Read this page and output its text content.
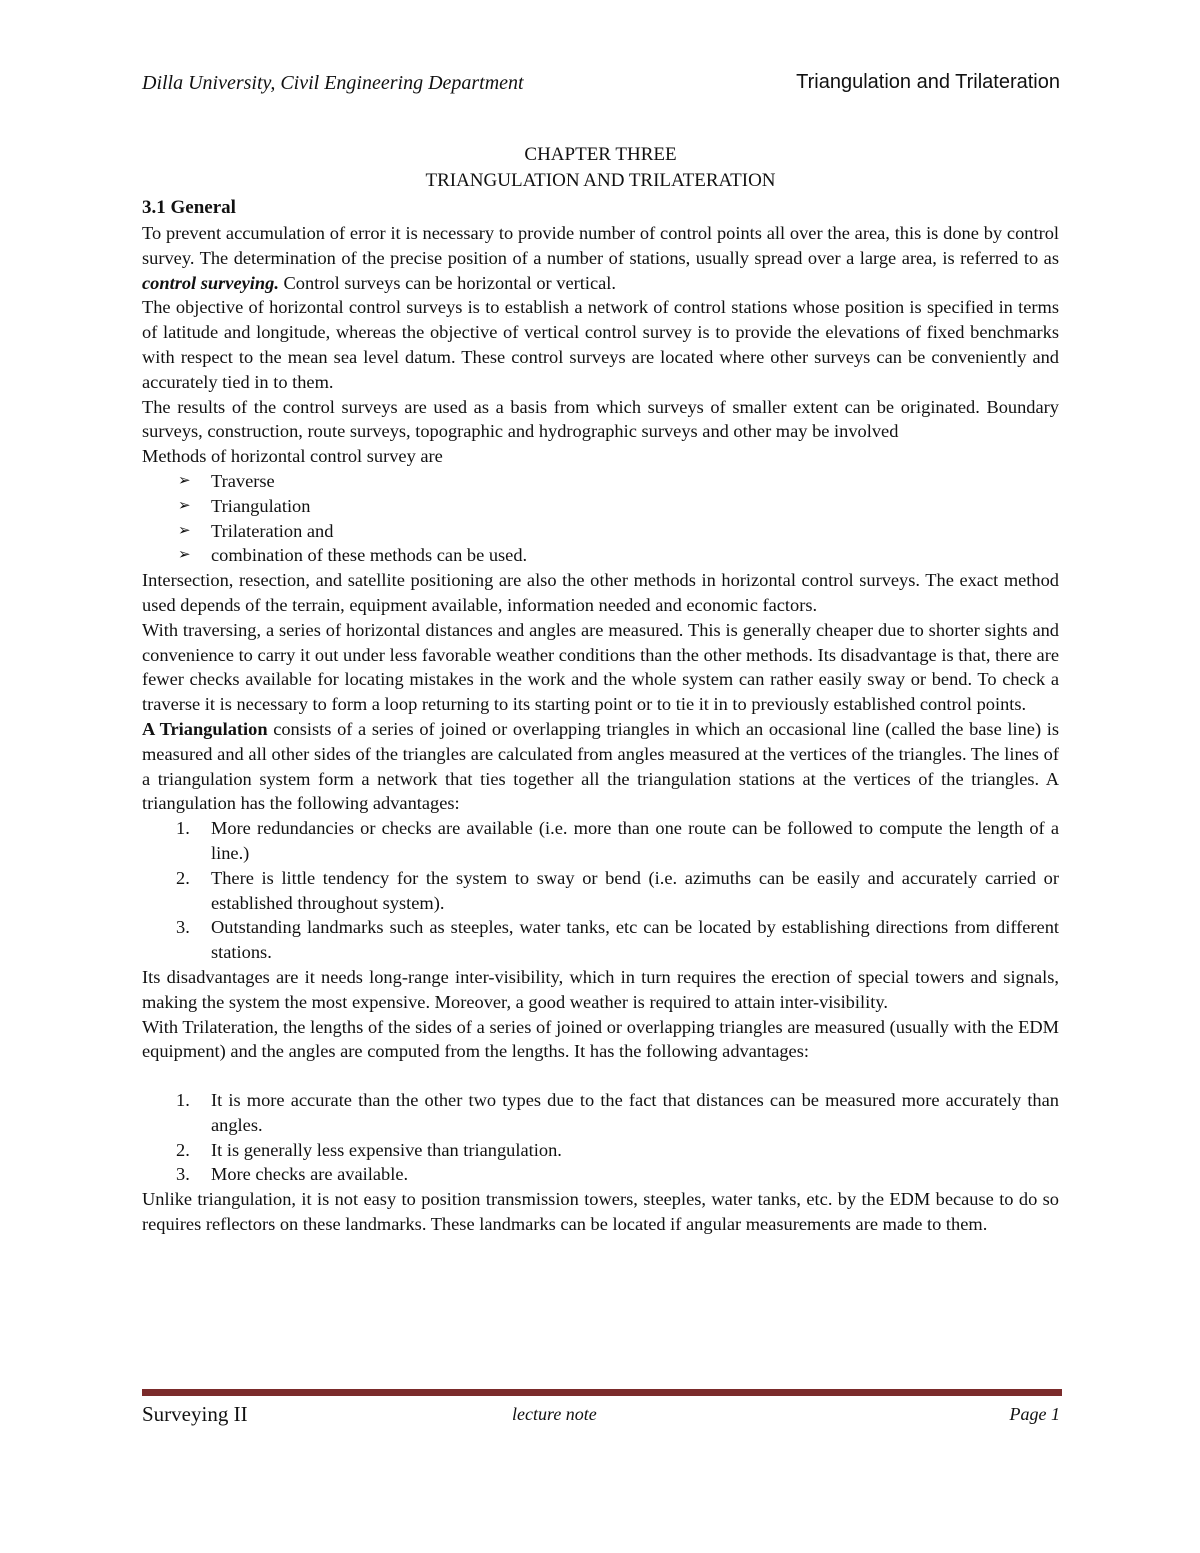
Dilla University, Civil Engineering Department	Triangulation and Trilateration
CHAPTER THREE
TRIANGULATION AND TRILATERATION
3.1 General

To prevent accumulation of error it is necessary to provide number of control points all over the area, this is done by control survey. The determination of the precise position of a number of stations, usually spread over a large area, is referred to as control surveying. Control surveys can be horizontal or vertical.

The objective of horizontal control surveys is to establish a network of control stations whose position is specified in terms of latitude and longitude, whereas the objective of vertical control survey is to provide the elevations of fixed benchmarks with respect to the mean sea level datum. These control surveys are located where other surveys can be conveniently and accurately tied in to them.

The results of the control surveys are used as a basis from which surveys of smaller extent can be originated. Boundary surveys, construction, route surveys, topographic and hydrographic surveys and other may be involved

Methods of horizontal control survey are

➢ Traverse
➢ Triangulation
➢ Trilateration and
➢ combination of these methods can be used.

Intersection, resection, and satellite positioning are also the other methods in horizontal control surveys. The exact method used depends of the terrain, equipment available, information needed and economic factors.

With traversing, a series of horizontal distances and angles are measured. This is generally cheaper due to shorter sights and convenience to carry it out under less favorable weather conditions than the other methods. Its disadvantage is that, there are fewer checks available for locating mistakes in the work and the whole system can rather easily sway or bend. To check a traverse it is necessary to form a loop returning to its starting point or to tie it in to previously established control points.

A Triangulation consists of a series of joined or overlapping triangles in which an occasional line (called the base line) is measured and all other sides of the triangles are calculated from angles measured at the vertices of the triangles. The lines of a triangulation system form a network that ties together all the triangulation stations at the vertices of the triangles. A triangulation has the following advantages:

1. More redundancies or checks are available (i.e. more than one route can be followed to compute the length of a line.)
2. There is little tendency for the system to sway or bend (i.e. azimuths can be easily and accurately carried or established throughout system).
3. Outstanding landmarks such as steeples, water tanks, etc can be located by establishing directions from different stations.

Its disadvantages are it needs long-range inter-visibility, which in turn requires the erection of special towers and signals, making the system the most expensive. Moreover, a good weather is required to attain inter-visibility.

With Trilateration, the lengths of the sides of a series of joined or overlapping triangles are measured (usually with the EDM equipment) and the angles are computed from the lengths. It has the following advantages:

1. It is more accurate than the other two types due to the fact that distances can be measured more accurately than angles.
2. It is generally less expensive than triangulation.
3. More checks are available.

Unlike triangulation, it is not easy to position transmission towers, steeples, water tanks, etc. by the EDM because to do so requires reflectors on these landmarks. These landmarks can be located if angular measurements are made to them.

Surveying II	lecture note	Page 1
